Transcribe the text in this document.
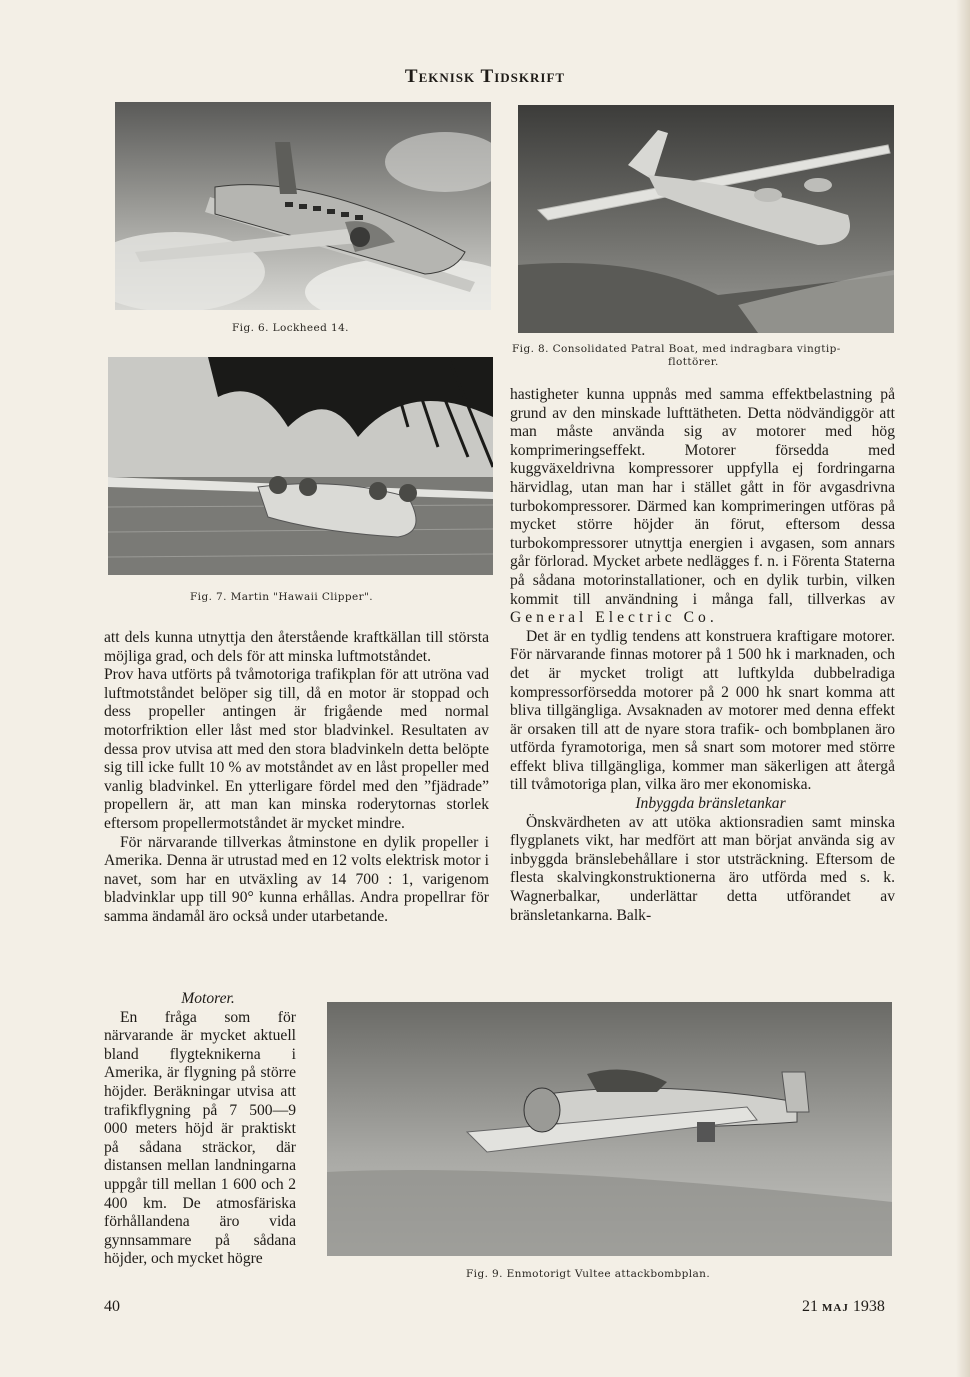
Teknisk Tidskrift
Fig. 6. Lockheed 14.
Fig. 8. Consolidated Patral Boat, med indragbara vingtip-
flottörer.
Fig. 7. Martin "Hawaii Clipper".

att dels kunna utnyttja den återstående kraftkällan till största möjliga grad, och dels för att minska luftmotståndet.

Prov hava utförts på tvåmotoriga trafikplan för att utröna vad luftmotståndet belöper sig till, då en motor är stoppad och dess propeller antingen är frigående med normal motorfriktion eller låst med stor bladvinkel. Resultaten av dessa prov utvisa att med den stora bladvinkeln detta belöpte sig till icke fullt 10 % av motståndet av en låst propeller med vanlig bladvinkel. En ytterligare fördel med den ”fjädrade” propellern är, att man kan minska roderytornas storlek eftersom propellermotståndet är mycket mindre.

För närvarande tillverkas åtminstone en dylik propeller i Amerika. Denna är utrustad med en 12 volts elektrisk motor i navet, som har en utväxling av 14 700 : 1, varigenom bladvinklar upp till 90° kunna erhållas. Andra propellrar för samma ändamål äro också under utarbetande.

Motorer.

En fråga som för närvarande är mycket aktuell bland flygteknikerna i Amerika, är flygning på större höjder. Beräkningar utvisa att trafikflygning på 7 500—9 000 meters höjd är praktiskt på sådana sträckor, där distansen mellan landningarna uppgår till mellan 1 600 och 2 400 km. De atmosfäriska förhållandena äro vida gynnsammare på sådana höjder, och mycket högre

hastigheter kunna uppnås med samma effektbelastning på grund av den minskade lufttätheten. Detta nödvändiggör att man måste använda sig av motorer med hög komprimeringseffekt. Motorer försedda med kuggväxeldrivna kompressorer uppfylla ej fordringarna härvidlag, utan man har i stället gått in för avgasdrivna turbokompressorer. Därmed kan komprimeringen utföras på mycket större höjder än förut, eftersom dessa turbokompressorer utnyttja energien i avgasen, som annars går förlorad. Mycket arbete nedlägges f. n. i Förenta Staterna på sådana motorinstallationer, och en dylik turbin, vilken kommit till användning i många fall, tillverkas av General Electric Co.

Det är en tydlig tendens att konstruera kraftigare motorer. För närvarande finnas motorer på 1 500 hk i marknaden, och det är mycket troligt att luftkylda dubbelradiga kompressorförsedda motorer på 2 000 hk snart komma att bliva tillgängliga. Avsaknaden av motorer med denna effekt är orsaken till att de nyare stora trafik- och bombplanen äro utförda fyramotoriga, men så snart som motorer med större effekt bliva tillgängliga, kommer man säkerligen att återgå till tvåmotoriga plan, vilka äro mer ekonomiska.

Inbyggda bränsletankar

Önskvärdheten av att utöka aktionsradien samt minska flygplanets vikt, har medfört att man börjat använda sig av inbyggda bränslebehållare i stor utsträckning. Eftersom de flesta skalvingkonstruktionerna äro utförda med s. k. Wagnerbalkar, underlättar detta utförandet av bränsletankarna. Balk-

Fig. 9. Enmotorigt Vultee attackbombplan.
40	21 MAJ 1938
